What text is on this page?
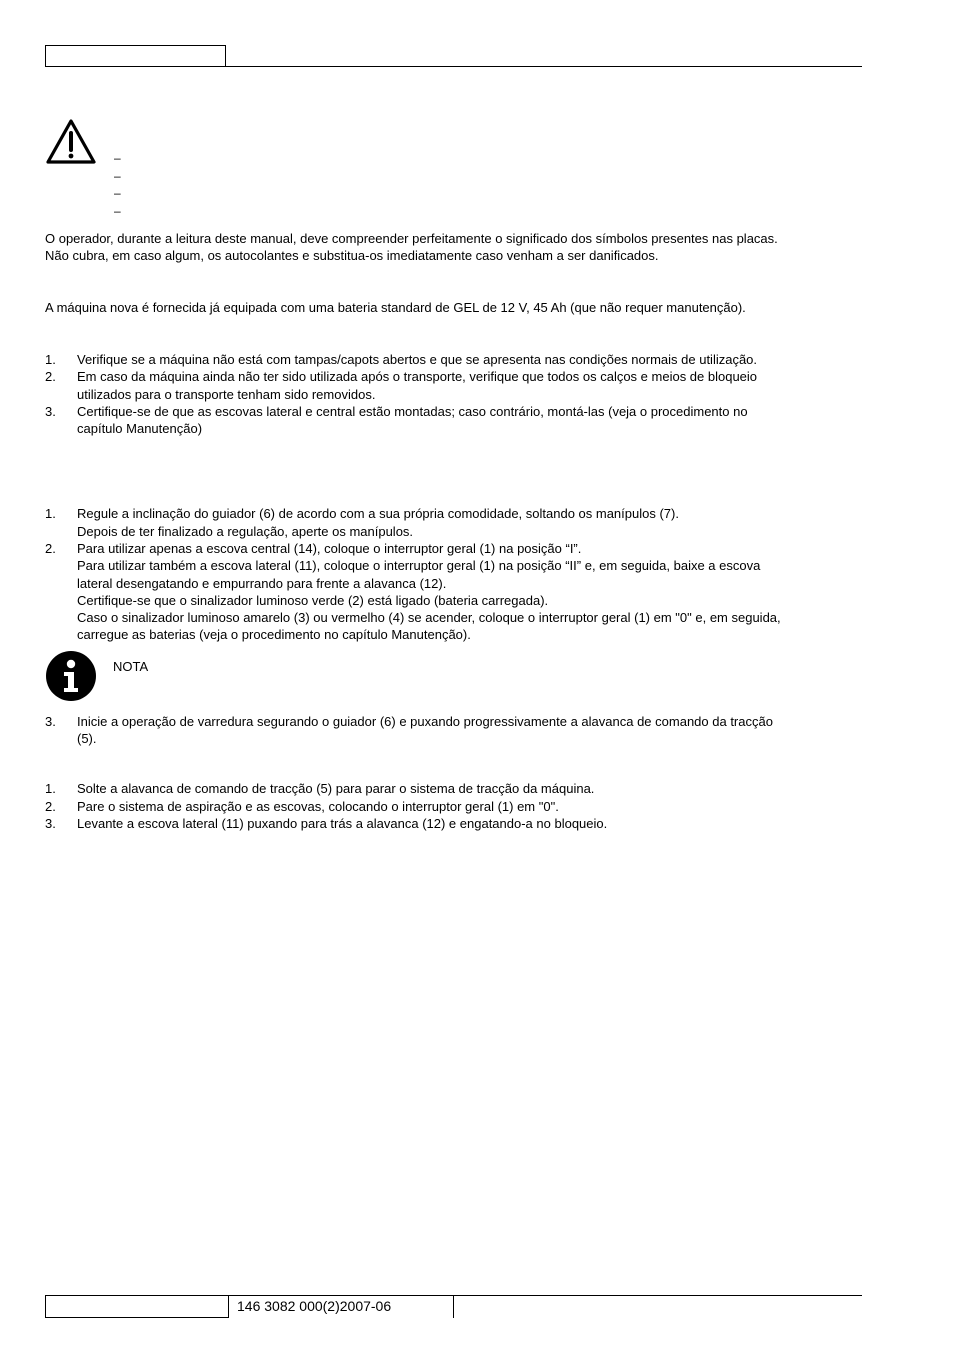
–
–
–
–
O operador, durante a leitura deste manual, deve compreender perfeitamente o significado dos símbolos presentes nas placas.
Não cubra, em caso algum, os autocolantes e substitua-os imediatamente caso venham a ser danificados.
A máquina nova é fornecida já equipada com uma bateria standard de GEL de 12 V, 45 Ah (que não requer manutenção).
1.	Verifique se a máquina não está com tampas/capots abertos e que se apresenta nas condições normais de utilização.
2.	Em caso da máquina ainda não ter sido utilizada após o transporte, verifique que todos os calços e meios de bloqueio
utilizados para o transporte tenham sido removidos.
3.	Certifique-se de que as escovas lateral e central estão montadas; caso contrário, montá-las (veja o procedimento no
capítulo Manutenção)
1.	Regule a inclinação do guiador (6) de acordo com a sua própria comodidade, soltando os manípulos (7).
Depois de ter finalizado a regulação, aperte os manípulos.
2.	Para utilizar apenas a escova central (14), coloque o interruptor geral (1) na posição “I”.
Para utilizar também a escova lateral (11), coloque o interruptor geral (1) na posição “II” e, em seguida, baixe a escova
lateral desengatando e empurrando para frente a alavanca (12).
Certifique-se que o sinalizador luminoso verde (2) está ligado (bateria carregada).
Caso o sinalizador luminoso amarelo (3) ou vermelho (4) se acender, coloque o interruptor geral (1) em "0" e, em seguida,
carregue as baterias (veja o procedimento no capítulo Manutenção).
NOTA
3.	Inicie a operação de varredura segurando o guiador (6) e puxando progressivamente a alavanca de comando da tracção
(5).
1.	Solte a alavanca de comando de tracção (5) para parar o sistema de tracção da máquina.
2.	Pare o sistema de aspiração e as escovas, colocando o interruptor geral (1) em "0".
3.	Levante a escova lateral (11) puxando para trás a alavanca (12) e engatando-a no bloqueio.
146 3082 000(2)2007-06
